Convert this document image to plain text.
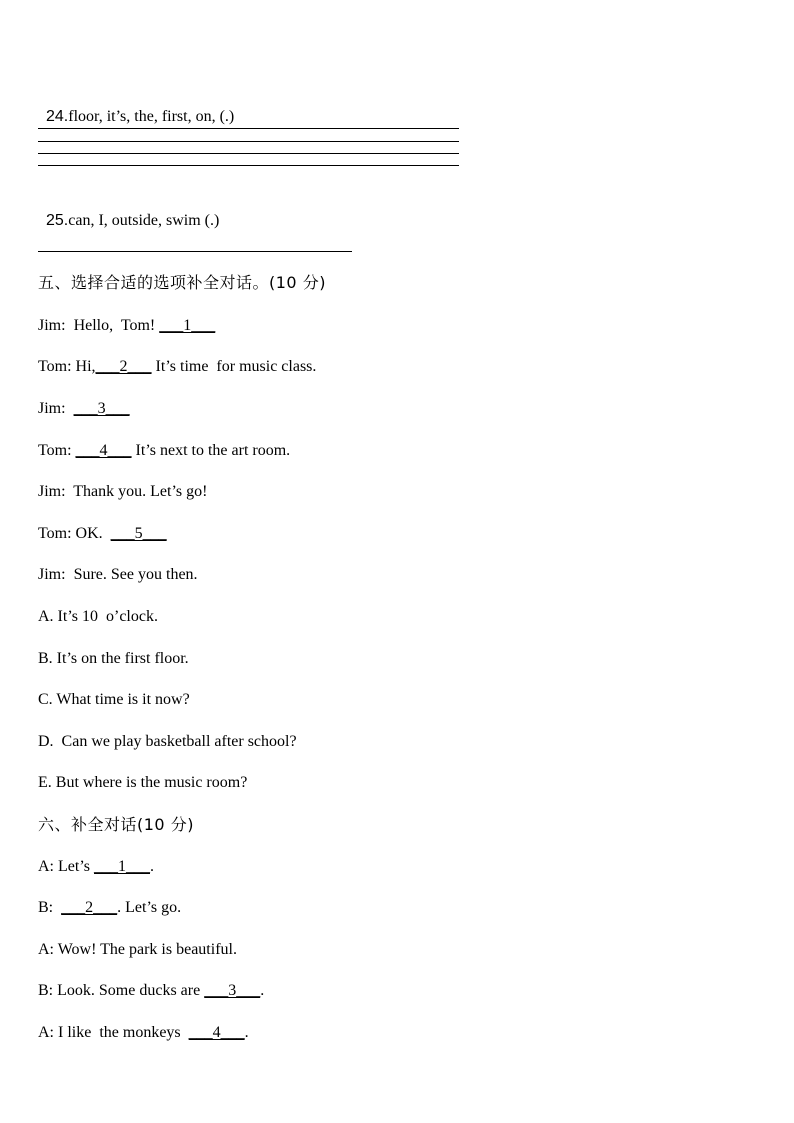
24.floor, it’s, the, first, on, (.)

25.can, I, outside, swim (.)

五、选择合适的选项补全对话。(10 分)
Jim:  Hello,  Tom! ___1___
Tom: Hi,___2___ It’s time  for music class.
Jim:  ___3___
Tom: ___4___ It’s next to the art room.
Jim:  Thank you. Let’s go!
Tom: OK.  ___5___
Jim:  Sure. See you then.
A. It’s 10  o’clock.
B. It’s on the first floor.
C. What time is it now?
D.  Can we play basketball after school?
E. But where is the music room?
六、补全对话(10 分)
A: Let’s ___1___.
B:  ___2___. Let’s go.
A: Wow! The park is beautiful.
B: Look. Some ducks are ___3___.
A: I like  the monkeys  ___4___.
